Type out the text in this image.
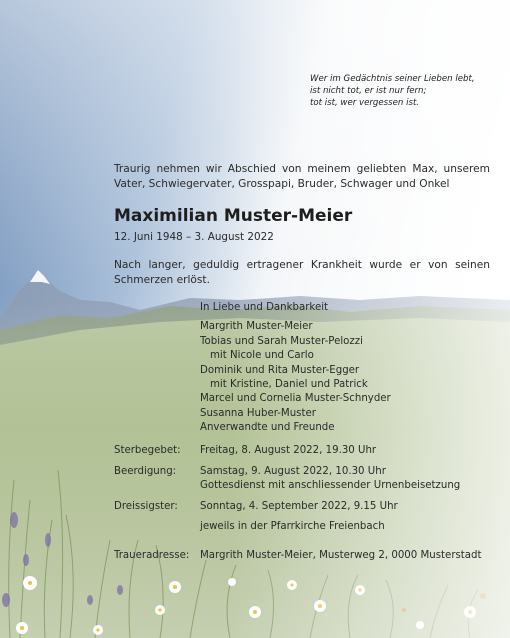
Wer im Gedächtnis seiner Lieben lebt,
ist nicht tot, er ist nur fern;
tot ist, wer vergessen ist.
Traurig nehmen wir Abschied von meinem geliebten Max, unserem Vater, Schwiegervater, Grosspapi, Bruder, Schwager und Onkel
Maximilian Muster-Meier
12. Juni 1948 – 3. August 2022
Nach langer, geduldig ertragener Krankheit wurde er von seinen Schmerzen erlöst.
In Liebe und Dankbarkeit
Margrith Muster-Meier
Tobias und Sarah Muster-Pelozzi
mit Nicole und Carlo
Dominik und Rita Muster-Egger
mit Kristine, Daniel und Patrick
Marcel und Cornelia Muster-Schnyder
Susanna Huber-Muster
Anverwandte und Freunde
Sterbegebet:	Freitag, 8. August 2022, 19.30 Uhr
Beerdigung:	Samstag, 9. August 2022, 10.30 Uhr
Gottesdienst mit anschliessender Urnenbeisetzung
Dreissigster:	Sonntag, 4. September 2022, 9.15 Uhr
jeweils in der Pfarrkirche Freienbach
Traueradresse:	Margrith Muster-Meier, Musterweg 2, 0000 Musterstadt
